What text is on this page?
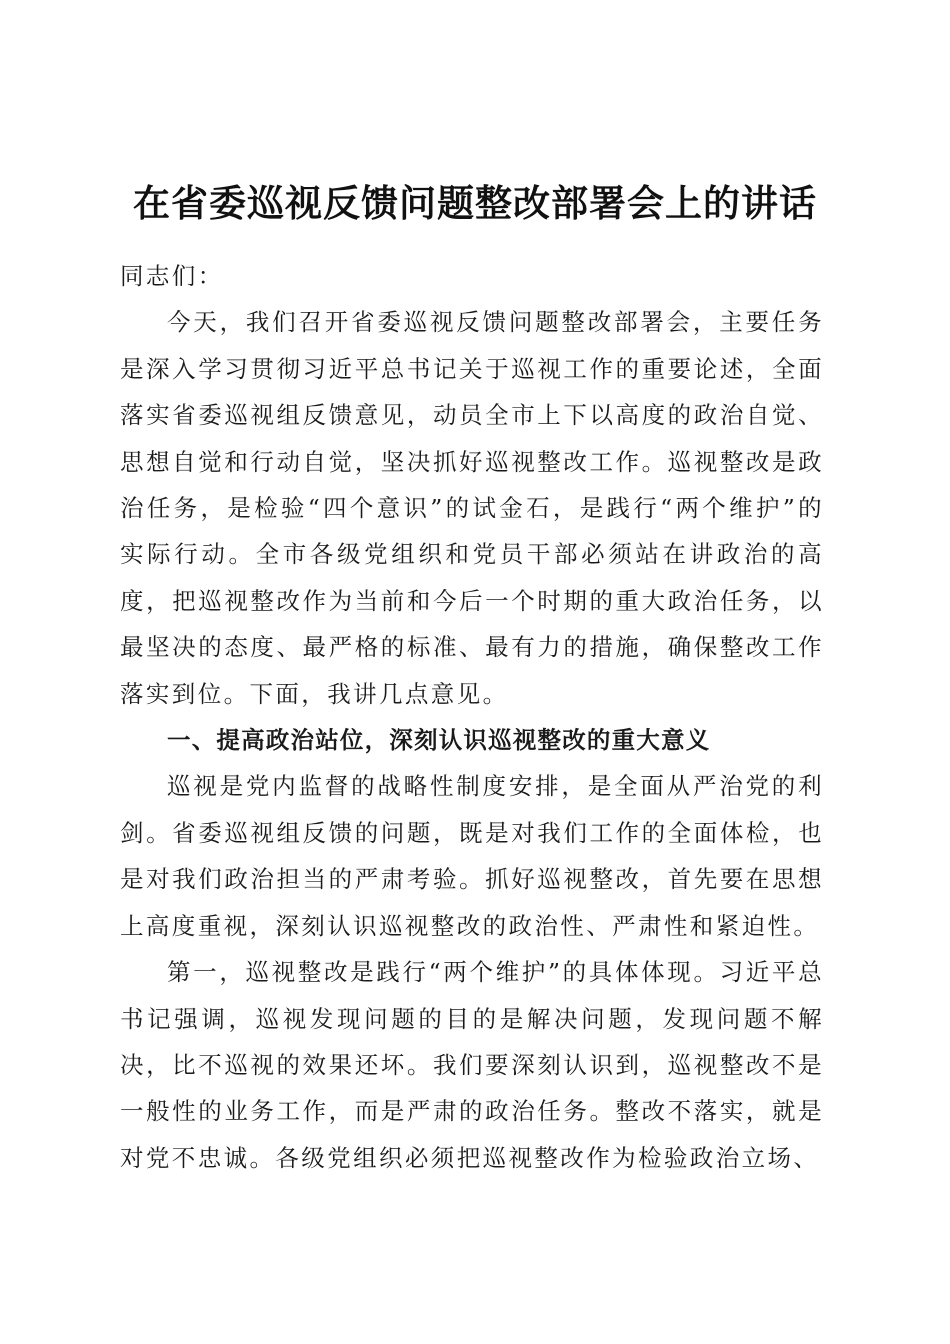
在省委巡视反馈问题整改部署会上的讲话

同志们：

今天，我们召开省委巡视反馈问题整改部署会，主要任务是深入学习贯彻习近平总书记关于巡视工作的重要论述，全面落实省委巡视组反馈意见，动员全市上下以高度的政治自觉、思想自觉和行动自觉，坚决抓好巡视整改工作。巡视整改是政治任务，是检验“四个意识”的试金石，是践行“两个维护”的实际行动。全市各级党组织和党员干部必须站在讲政治的高度，把巡视整改作为当前和今后一个时期的重大政治任务，以最坚决的态度、最严格的标准、最有力的措施，确保整改工作落实到位。下面，我讲几点意见。

一、提高政治站位，深刻认识巡视整改的重大意义

巡视是党内监督的战略性制度安排，是全面从严治党的利剑。省委巡视组反馈的问题，既是对我们工作的全面体检，也是对我们政治担当的严肃考验。抓好巡视整改，首先要在思想上高度重视，深刻认识巡视整改的政治性、严肃性和紧迫性。

第一，巡视整改是践行“两个维护”的具体体现。习近平总书记强调，巡视发现问题的目的是解决问题，发现问题不解决，比不巡视的效果还坏。我们要深刻认识到，巡视整改不是一般性的业务工作，而是严肃的政治任务。整改不落实，就是对党不忠诚。各级党组织必须把巡视整改作为检验政治立场、
